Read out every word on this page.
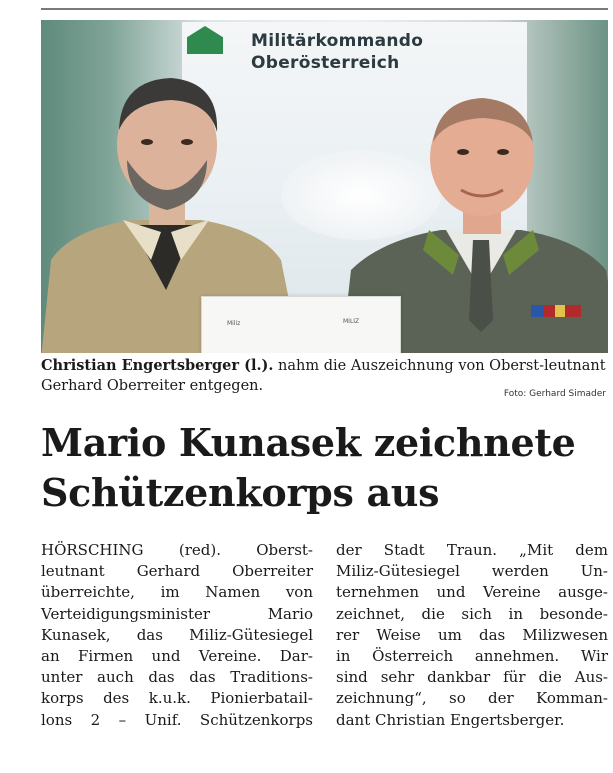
Militärkommando
Oberösterreich
Miliz	MILIZ
Christian Engertsberger (l.). nahm die Auszeichnung von Oberst-leutnant Gerhard Oberreiter entgegen.	Foto: Gerhard Simader
Mario Kunasek zeichnete
Schützenkorps aus
HÖRSCHING (red). Oberst-
leutnant Gerhard Oberreiter
überreichte, im Namen von
Verteidigungsminister Mario
Kunasek, das Miliz-Gütesiegel
an Firmen und Vereine. Dar-
unter auch das das Traditions-
korps des k.u.k. Pionierbatail-
lons 2 – Unif. Schützenkorps
der Stadt Traun. „Mit dem
Miliz-Gütesiegel werden Un-
ternehmen und Vereine ausge-
zeichnet, die sich in besonde-
rer Weise um das Milizwesen
in Österreich annehmen. Wir
sind sehr dankbar für die Aus-
zeichnung“, so der Komman-
dant Christian Engertsberger.
